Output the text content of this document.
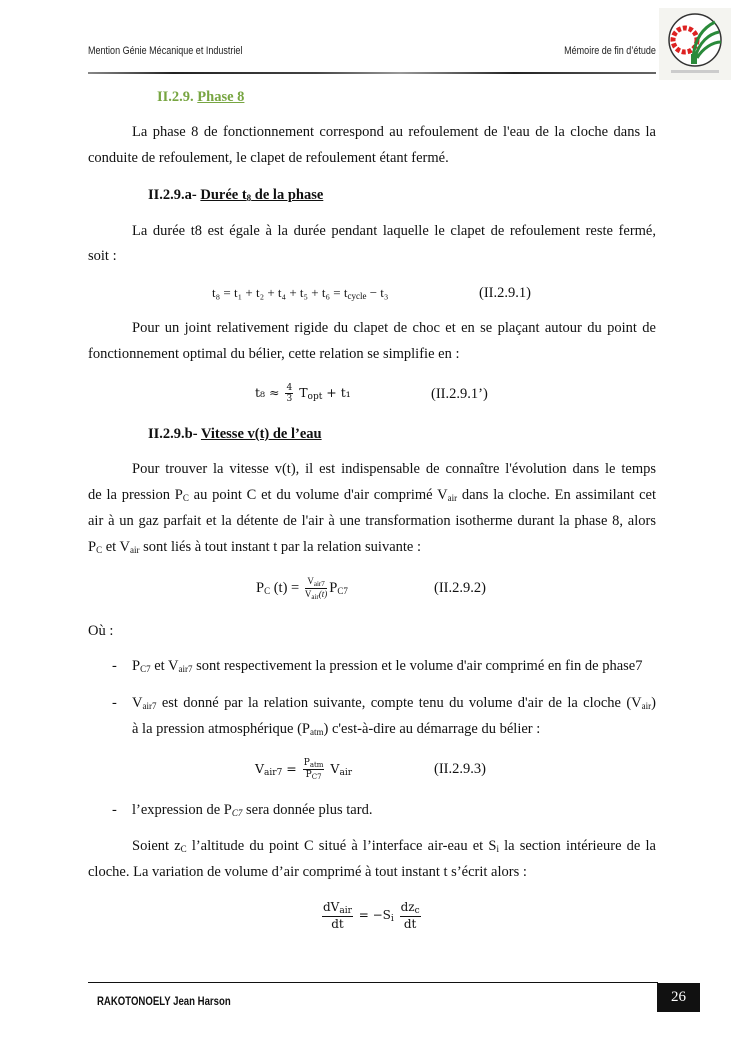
Mention Génie Mécanique et Industriel	Mémoire de fin d’étude
II.2.9. Phase 8
La phase 8 de fonctionnement correspond au refoulement de l'eau de la cloche dans la
conduite de refoulement, le clapet de refoulement étant fermé.
II.2.9.a- Durée $t_8$ de la phase
La durée t8 est égale à la durée pendant laquelle le clapet de refoulement reste fermé,
soit :
$t_8 = t_1 + t_2 + t_4 + t_5 + t_6 = t_{cycle} - t_3$	(II.2.9.1)
Pour un joint relativement rigide du clapet de choc et en se plaçant autour du point de
fonctionnement optimal du bélier, cette relation se simplifie en :
$t_8 \approx \frac{4}{3} T_{opt} + t_1$	(II.2.9.1’)
II.2.9.b- Vitesse v(t) de l’eau
Pour trouver la vitesse v(t), il est indispensable de connaître l'évolution dans le temps
de la pression $P_C$ au point C et du volume d'air comprimé $V_{air}$ dans la cloche. En assimilant cet
air à un gaz parfait et la détente de l'air à une transformation isotherme durant la phase 8, alors
$P_C$ et $V_{air}$ sont liés à tout instant t par la relation suivante :
$P_C$ $(t) = \frac{V_{air7}}{V_{air}(t)} P_{C7}$	(II.2.9.2)
Où :
- $P_{C7}$ et $V_{air7}$ sont respectivement la pression et le volume d'air comprimé en fin de phase7
- $V_{air7}$ est donné par la relation suivante, compte tenu du volume d'air de la cloche $(V_{air})$
à la pression atmosphérique $(P_{atm})$ c'est-à-dire au démarrage du bélier :
$V_{air7} = \frac{P_{atm}}{P_{C7}} V_{air}$	(II.2.9.3)
- l’expression de $P_{C7}$ sera donnée plus tard.
Soient $z_C$ l’altitude du point C situé à l’interface air-eau et $S_i$ la section intérieure de la
cloche. La variation de volume d’air comprimé à tout instant t s’écrit alors :
$\frac{dV_{air}}{dt} = -S_i \frac{dz_c}{dt}$
RAKOTONOELY Jean Harson	26
